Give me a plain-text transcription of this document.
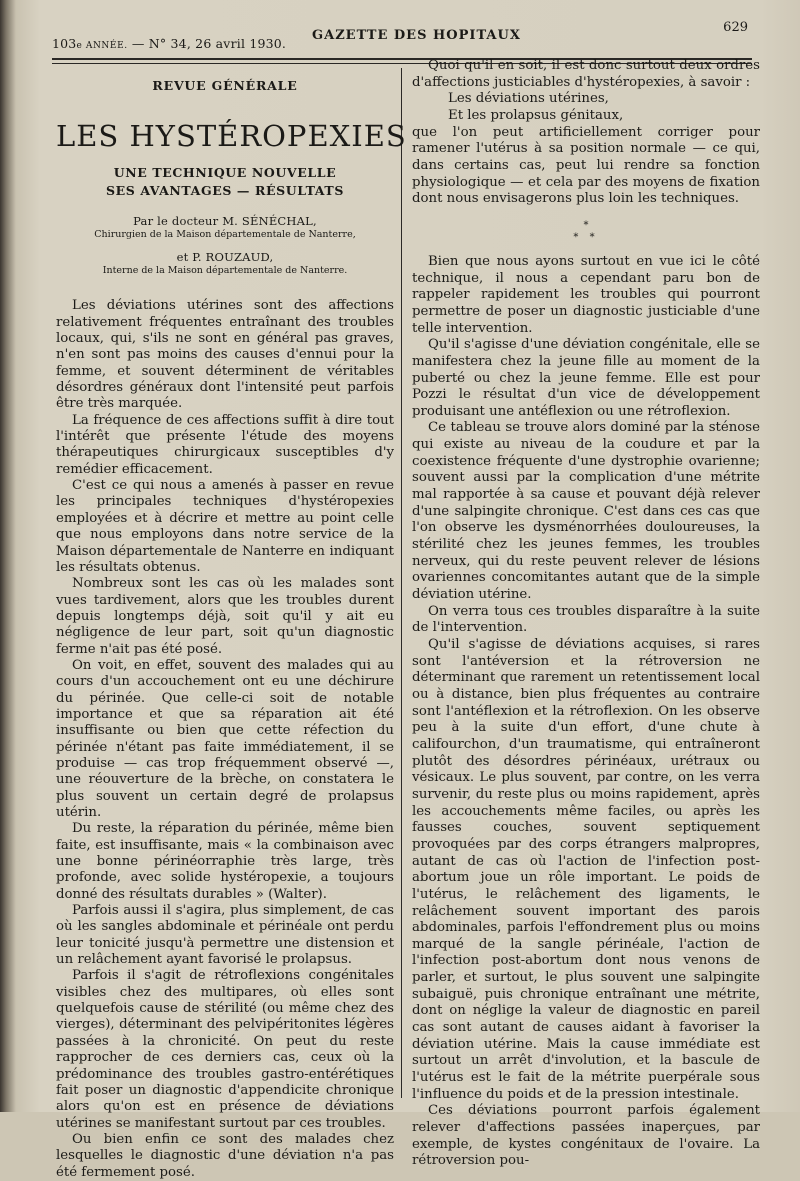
103e ANNÉE. — N° 34, 26 avril 1930.
GAZETTE DES HOPITAUX
629
REVUE GÉNÉRALE
LES HYSTÉROPEXIES
UNE TECHNIQUE NOUVELLE
SES AVANTAGES — RÉSULTATS
Par le docteur M. SÉNÉCHAL,
Chirurgien de la Maison départementale de Nanterre,
et P. ROUZAUD,
Interne de la Maison départementale de Nanterre.

Les déviations utérines sont des affections relativement fréquentes entraînant des troubles locaux, qui, s'ils ne sont en général pas graves, n'en sont pas moins des causes d'ennui pour la femme, et souvent déterminent de véritables désordres généraux dont l'intensité peut parfois être très marquée.

La fréquence de ces affections suffit à dire tout l'intérêt que présente l'étude des moyens thérapeutiques chirurgicaux susceptibles d'y remédier efficacement.

C'est ce qui nous a amenés à passer en revue les principales techniques d'hystéropexies employées et à décrire et mettre au point celle que nous employons dans notre service de la Maison départementale de Nanterre en indiquant les résultats obtenus.

Nombreux sont les cas où les malades sont vues tardivement, alors que les troubles durent depuis longtemps déjà, soit qu'il y ait eu négligence de leur part, soit qu'un diagnostic ferme n'ait pas été posé.

On voit, en effet, souvent des malades qui au cours d'un accouchement ont eu une déchirure du périnée. Que celle-ci soit de notable importance et que sa réparation ait été insuffisante ou bien que cette réfection du périnée n'étant pas faite immédiatement, il se produise — cas trop fréquemment observé —, une réouverture de la brèche, on constatera le plus souvent un certain degré de prolapsus utérin.

Du reste, la réparation du périnée, même bien faite, est insuffisante, mais « la combinaison avec une bonne périnéorraphie très large, très profonde, avec solide hystéropexie, a toujours donné des résultats durables » (Walter).

Parfois aussi il s'agira, plus simplement, de cas où les sangles abdominale et périnéale ont perdu leur tonicité jusqu'à permettre une distension et un relâchement ayant favorisé le prolapsus.

Parfois il s'agit de rétroflexions congénitales visibles chez des multipares, où elles sont quelquefois cause de stérilité (ou même chez des vierges), déterminant des pelvipéritonites légères passées à la chronicité. On peut du reste rapprocher de ces derniers cas, ceux où la prédominance des troubles gastro-entérétiques fait poser un diagnostic d'appendicite chronique alors qu'on est en présence de déviations utérines se manifestant surtout par ces troubles.

Ou bien enfin ce sont des malades chez lesquelles le diagnostic d'une déviation n'a pas été fermement posé.

Quoi qu'il en soit, il est donc surtout deux ordres d'affections justiciables d'hystéropexies, à savoir :

Les déviations utérines,

Et les prolapsus génitaux,

que l'on peut artificiellement corriger pour ramener l'utérus à sa position normale — ce qui, dans certains cas, peut lui rendre sa fonction physiologique — et cela par des moyens de fixation dont nous envisagerons plus loin les techniques.

*
* *

Bien que nous ayons surtout en vue ici le côté technique, il nous a cependant paru bon de rappeler rapidement les troubles qui pourront permettre de poser un diagnostic justiciable d'une telle intervention.

Qu'il s'agisse d'une déviation congénitale, elle se manifestera chez la jeune fille au moment de la puberté ou chez la jeune femme. Elle est pour Pozzi le résultat d'un vice de développement produisant une antéflexion ou une rétroflexion.

Ce tableau se trouve alors dominé par la sténose qui existe au niveau de la coudure et par la coexistence fréquente d'une dystrophie ovarienne; souvent aussi par la complication d'une métrite mal rapportée à sa cause et pouvant déjà relever d'une salpingite chronique. C'est dans ces cas que l'on observe les dysménorrhées douloureuses, la stérilité chez les jeunes femmes, les troubles nerveux, qui du reste peuvent relever de lésions ovariennes concomitantes autant que de la simple déviation utérine.

On verra tous ces troubles disparaître à la suite de l'intervention.

Qu'il s'agisse de déviations acquises, si rares sont l'antéversion et la rétroversion ne déterminant que rarement un retentissement local ou à distance, bien plus fréquentes au contraire sont l'antéflexion et la rétroflexion. On les observe peu à la suite d'un effort, d'une chute à califourchon, d'un traumatisme, qui entraîneront plutôt des désordres périnéaux, urétraux ou vésicaux. Le plus souvent, par contre, on les verra survenir, du reste plus ou moins rapidement, après les accouchements même faciles, ou après les fausses couches, souvent septiquement provoquées par des corps étrangers malpropres, autant de cas où l'action de l'infection post-abortum joue un rôle important. Le poids de l'utérus, le relâchement des ligaments, le relâchement souvent important des parois abdominales, parfois l'effondrement plus ou moins marqué de la sangle périnéale, l'action de l'infection post-abortum dont nous venons de parler, et surtout, le plus souvent une salpingite subaiguë, puis chronique entraînant une métrite, dont on néglige la valeur de diagnostic en pareil cas sont autant de causes aidant à favoriser la déviation utérine. Mais la cause immédiate est surtout un arrêt d'involution, et la bascule de l'utérus est le fait de la métrite puerpérale sous l'influence du poids et de la pression intestinale.

Ces déviations pourront parfois également relever d'affections passées inaperçues, par exemple, de kystes congénitaux de l'ovaire. La rétroversion pou-
